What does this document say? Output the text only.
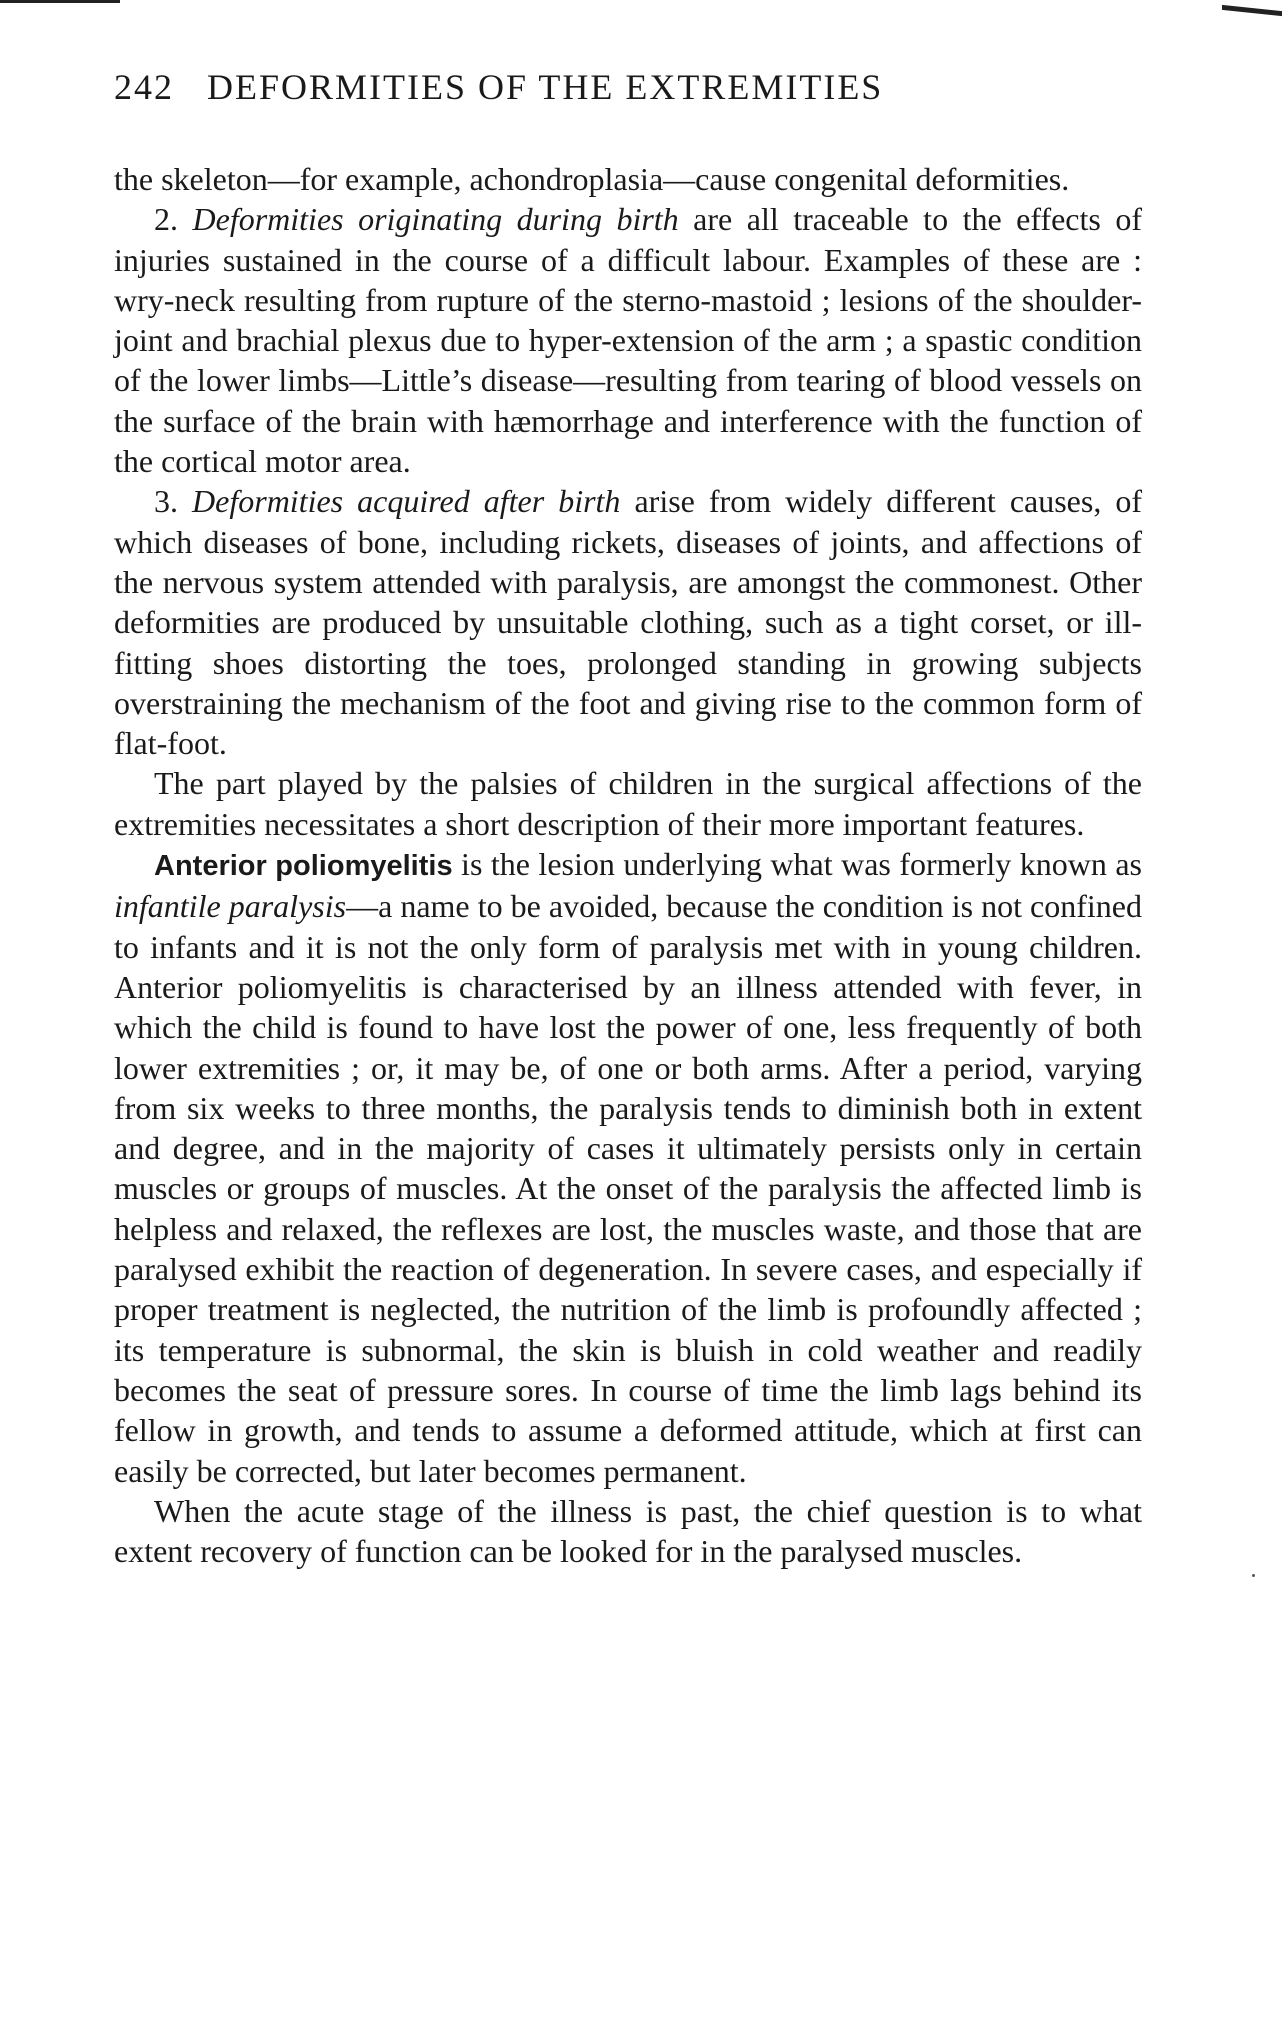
242 DEFORMITIES OF THE EXTREMITIES

the skeleton—for example, achondroplasia—cause congenital deformities.

2. Deformities originating during birth are all traceable to the effects of injuries sustained in the course of a difficult labour. Examples of these are : wry-neck resulting from rupture of the sterno-mastoid ; lesions of the shoulder-joint and brachial plexus due to hyper-extension of the arm ; a spastic condition of the lower limbs—Little’s disease—resulting from tearing of blood vessels on the surface of the brain with hæmorrhage and interference with the function of the cortical motor area.

3. Deformities acquired after birth arise from widely different causes, of which diseases of bone, including rickets, diseases of joints, and affections of the nervous system attended with paralysis, are amongst the commonest. Other deformities are produced by unsuitable clothing, such as a tight corset, or ill-fitting shoes distorting the toes, prolonged standing in growing subjects overstraining the mechanism of the foot and giving rise to the common form of flat-foot.

The part played by the palsies of children in the surgical affections of the extremities necessitates a short description of their more important features.

Anterior poliomyelitis is the lesion underlying what was formerly known as infantile paralysis—a name to be avoided, because the condition is not confined to infants and it is not the only form of paralysis met with in young children. Anterior poliomyelitis is characterised by an illness attended with fever, in which the child is found to have lost the power of one, less frequently of both lower extremities ; or, it may be, of one or both arms. After a period, varying from six weeks to three months, the paralysis tends to diminish both in extent and degree, and in the majority of cases it ultimately persists only in certain muscles or groups of muscles. At the onset of the paralysis the affected limb is helpless and relaxed, the reflexes are lost, the muscles waste, and those that are paralysed exhibit the reaction of degeneration. In severe cases, and especially if proper treatment is neglected, the nutrition of the limb is profoundly affected ; its temperature is subnormal, the skin is bluish in cold weather and readily becomes the seat of pressure sores. In course of time the limb lags behind its fellow in growth, and tends to assume a deformed attitude, which at first can easily be corrected, but later becomes permanent.

When the acute stage of the illness is past, the chief question is to what extent recovery of function can be looked for in the paralysed muscles.
